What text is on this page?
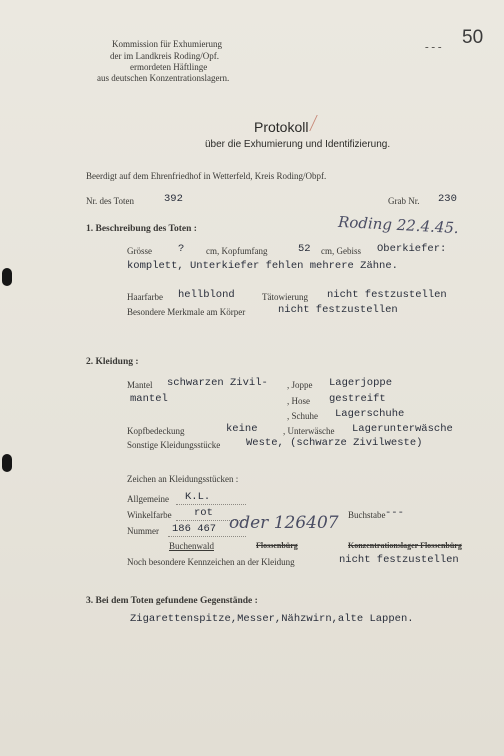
- - - 50
Kommission für Exhumierung
der im Landkreis Roding/Opf.
ermordeten Häftlinge
aus deutschen Konzentrationslagern.
Protokoll
über die Exhumierung und Identifizierung.
Beerdigt auf dem Ehrenfriedhof in Wetterfeld, Kreis Roding/Obpf.
Nr. des Toten	392	Grab Nr. 230
1. Beschreibung des Toten :	Roding 22.4.45.
Grösse ? cm, Kopfumfang	52 cm, Gebiss Oberkiefer:
komplett, Unterkiefer fehlen mehrere Zähne.
Haarfarbe hellblond	Tätowierung nicht festzustellen
Besondere Merkmale am Körper	nicht festzustellen
2. Kleidung :
Mantel schwarzen Zivil-
mantel
, Joppe Lagerjoppe
, Hose gestreift
, Schuhe Lagerschuhe
Kopfbedeckung	keine	, Unterwäsche Lagerunterwäsche
Sonstige Kleidungsstücke Weste, (schwarze Zivilweste)
Zeichen an Kleidungsstücken :
Allgemeine K.L.
Winkelfarbe rot	Buchstabe ---
Nummer 186 467 oder 126407
Buchenwald	Flossenbürg	Konzentrationslager Flossenbürg
Noch besondere Kennzeichen an der Kleidung	nicht festzustellen
3. Bei dem Toten gefundene Gegenstände :
Zigarettenspitze,Messer,Nähzwirn,alte Lappen.
